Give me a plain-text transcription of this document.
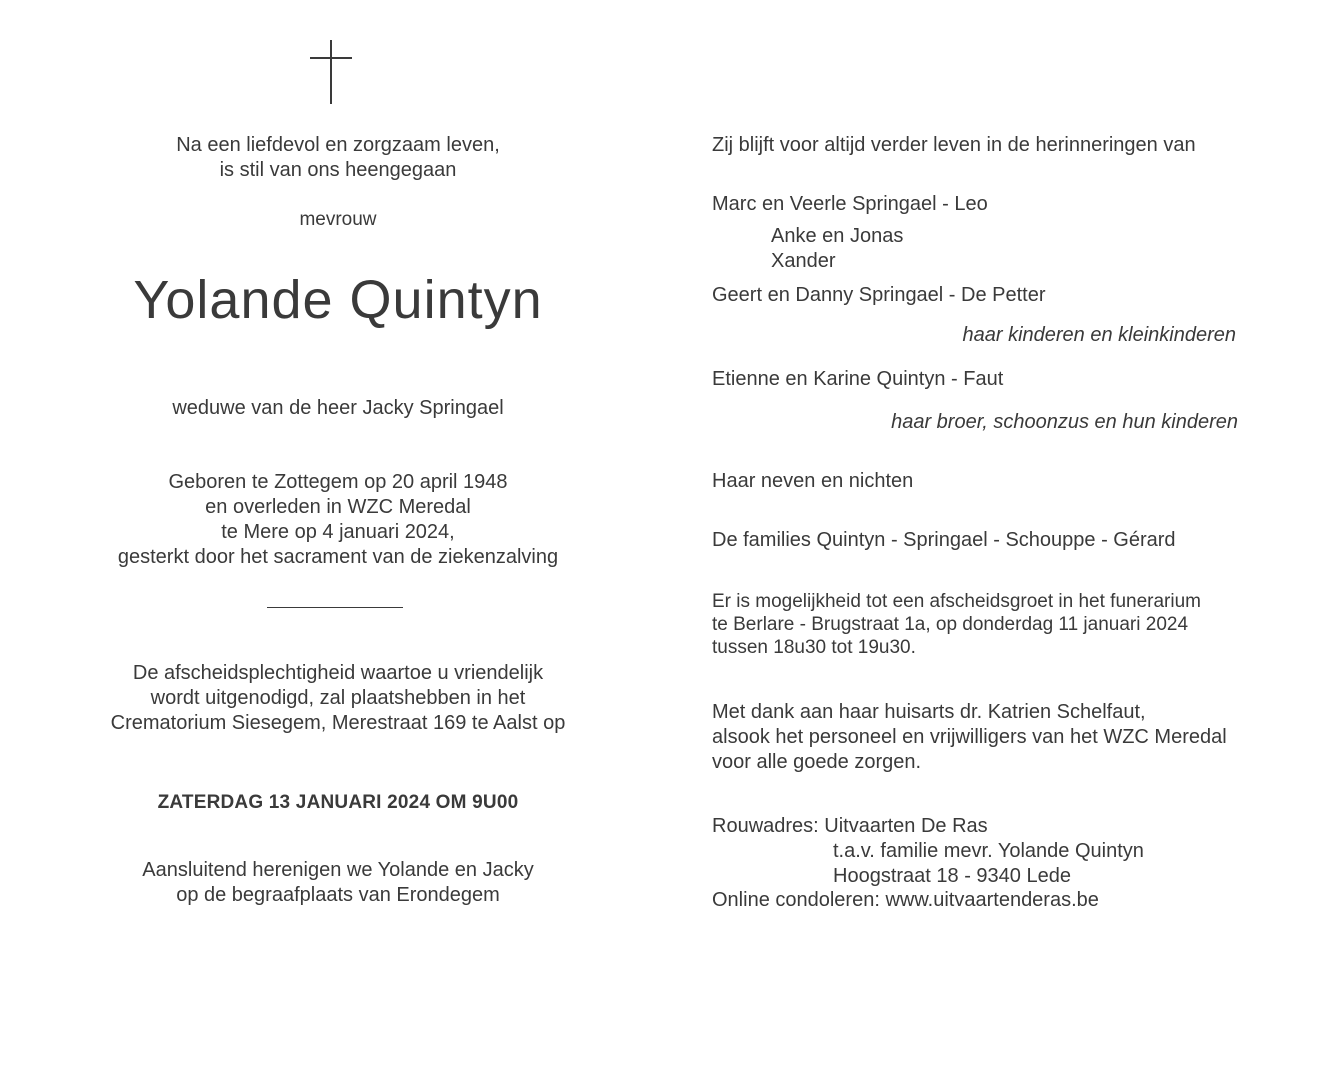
Na een liefdevol en zorgzaam leven,
is stil van ons heengegaan
mevrouw
Yolande Quintyn
weduwe van de heer Jacky Springael
Geboren te Zottegem op 20 april 1948
en overleden in WZC Meredal
te Mere op 4 januari 2024,
gesterkt door het sacrament van de ziekenzalving
De afscheidsplechtigheid waartoe u vriendelijk
wordt uitgenodigd, zal plaatshebben in het
Crematorium Siesegem, Merestraat 169 te Aalst op
ZATERDAG 13 JANUARI 2024 OM 9U00
Aansluitend herenigen we Yolande en Jacky
op de begraafplaats van Erondegem
Zij blijft voor altijd verder leven in de herinneringen van
Marc en Veerle Springael - Leo
Anke en Jonas
Xander
Geert en Danny Springael - De Petter
haar kinderen en kleinkinderen
Etienne en Karine Quintyn - Faut
haar broer, schoonzus en hun kinderen
Haar neven en nichten
De families Quintyn - Springael - Schouppe - Gérard
Er is mogelijkheid tot een afscheidsgroet in het funerarium
te Berlare - Brugstraat 1a, op donderdag 11 januari 2024
tussen 18u30 tot 19u30.
Met dank aan haar huisarts dr. Katrien Schelfaut,
alsook het personeel en vrijwilligers van het WZC Meredal
voor alle goede zorgen.
Rouwadres: Uitvaarten De Ras
t.a.v. familie mevr. Yolande Quintyn
Hoogstraat 18 - 9340 Lede
Online condoleren: www.uitvaartenderas.be
